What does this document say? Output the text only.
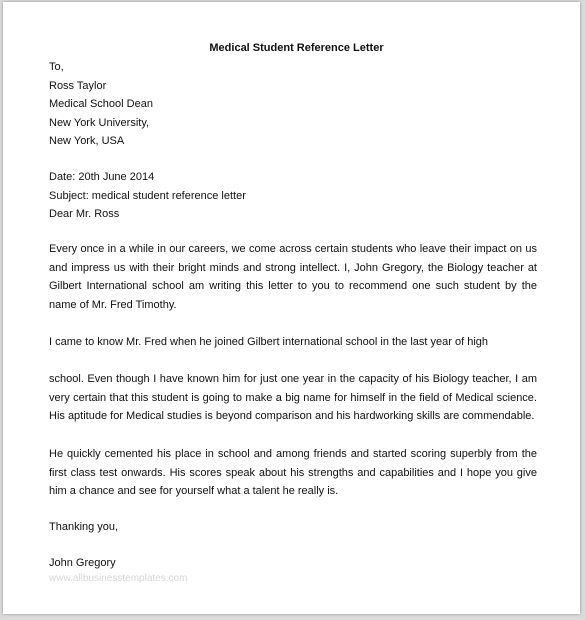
Medical Student Reference Letter
To,
Ross Taylor
Medical School Dean
New York University,
New York, USA
Date: 20th June 2014
Subject: medical student reference letter
Dear Mr. Ross
Every once in a while in our careers, we come across certain students who leave their impact on us and impress us with their bright minds and strong intellect. I, John Gregory, the Biology teacher at Gilbert International school am writing this letter to you to recommend one such student by the name of Mr. Fred Timothy.
I came to know Mr. Fred when he joined Gilbert international school in the last year of high
school. Even though I have known him for just one year in the capacity of his Biology teacher, I am very certain that this student is going to make a big name for himself in the field of Medical science. His aptitude for Medical studies is beyond comparison and his hardworking skills are commendable.
He quickly cemented his place in school and among friends and started scoring superbly from the first class test onwards. His scores speak about his strengths and capabilities and I hope you give him a chance and see for yourself what a talent he really is.
Thanking you,
John Gregory
www.allbusinesstemplates.com
